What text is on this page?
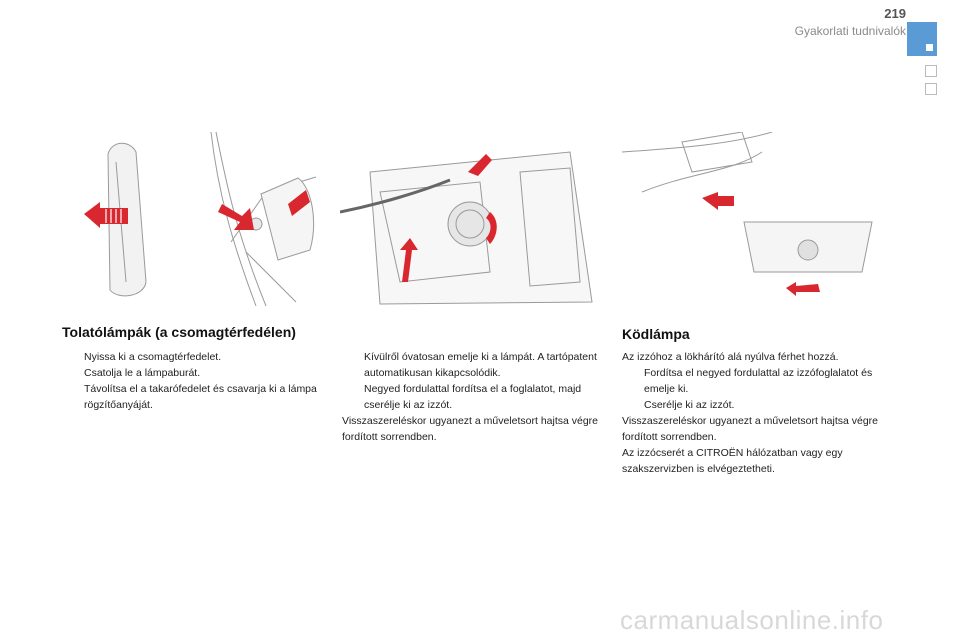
219
Gyakorlati tudnivalók
Tolatólámpák (a csomagtérfedélen)
Nyissa ki a csomagtérfedelet.
Csatolja le a lámpaburát.
Távolítsa el a takarófedelet és csavarja ki a lámpa rögzítőanyáját.
Kívülről óvatosan emelje ki a lámpát. A tartópatent automatikusan kikapcsolódik.
Negyed fordulattal fordítsa el a foglalatot, majd cserélje ki az izzót.

Visszaszereléskor ugyanezt a műveletsort hajtsa végre fordított sorrendben.

Ködlámpa

Az izzóhoz a lökhárító alá nyúlva férhet hozzá.

Fordítsa el negyed fordulattal az izzófoglalatot és emelje ki.
Cserélje ki az izzót.

Visszaszereléskor ugyanezt a műveletsort hajtsa végre fordított sorrendben.

Az izzócserét a CITROËN hálózatban vagy egy szakszervizben is elvégeztetheti.

carmanualsonline.info
